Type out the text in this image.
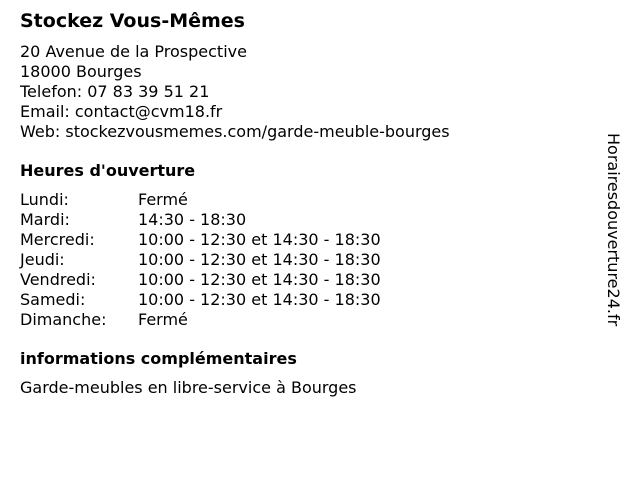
Stockez Vous-Mêmes
20 Avenue de la Prospective
18000 Bourges
Telefon: 07 83 39 51 21
Email: contact@cvm18.fr
Web: stockezvousmemes.com/garde-meuble-bourges
Heures d'ouverture
Lundi:	Fermé
Mardi:	14:30 - 18:30
Mercredi:	10:00 - 12:30 et 14:30 - 18:30
Jeudi:	10:00 - 12:30 et 14:30 - 18:30
Vendredi:	10:00 - 12:30 et 14:30 - 18:30
Samedi:	10:00 - 12:30 et 14:30 - 18:30
Dimanche:	Fermé
informations complémentaires
Garde-meubles en libre-service à Bourges
Horairesdouverture24.fr
